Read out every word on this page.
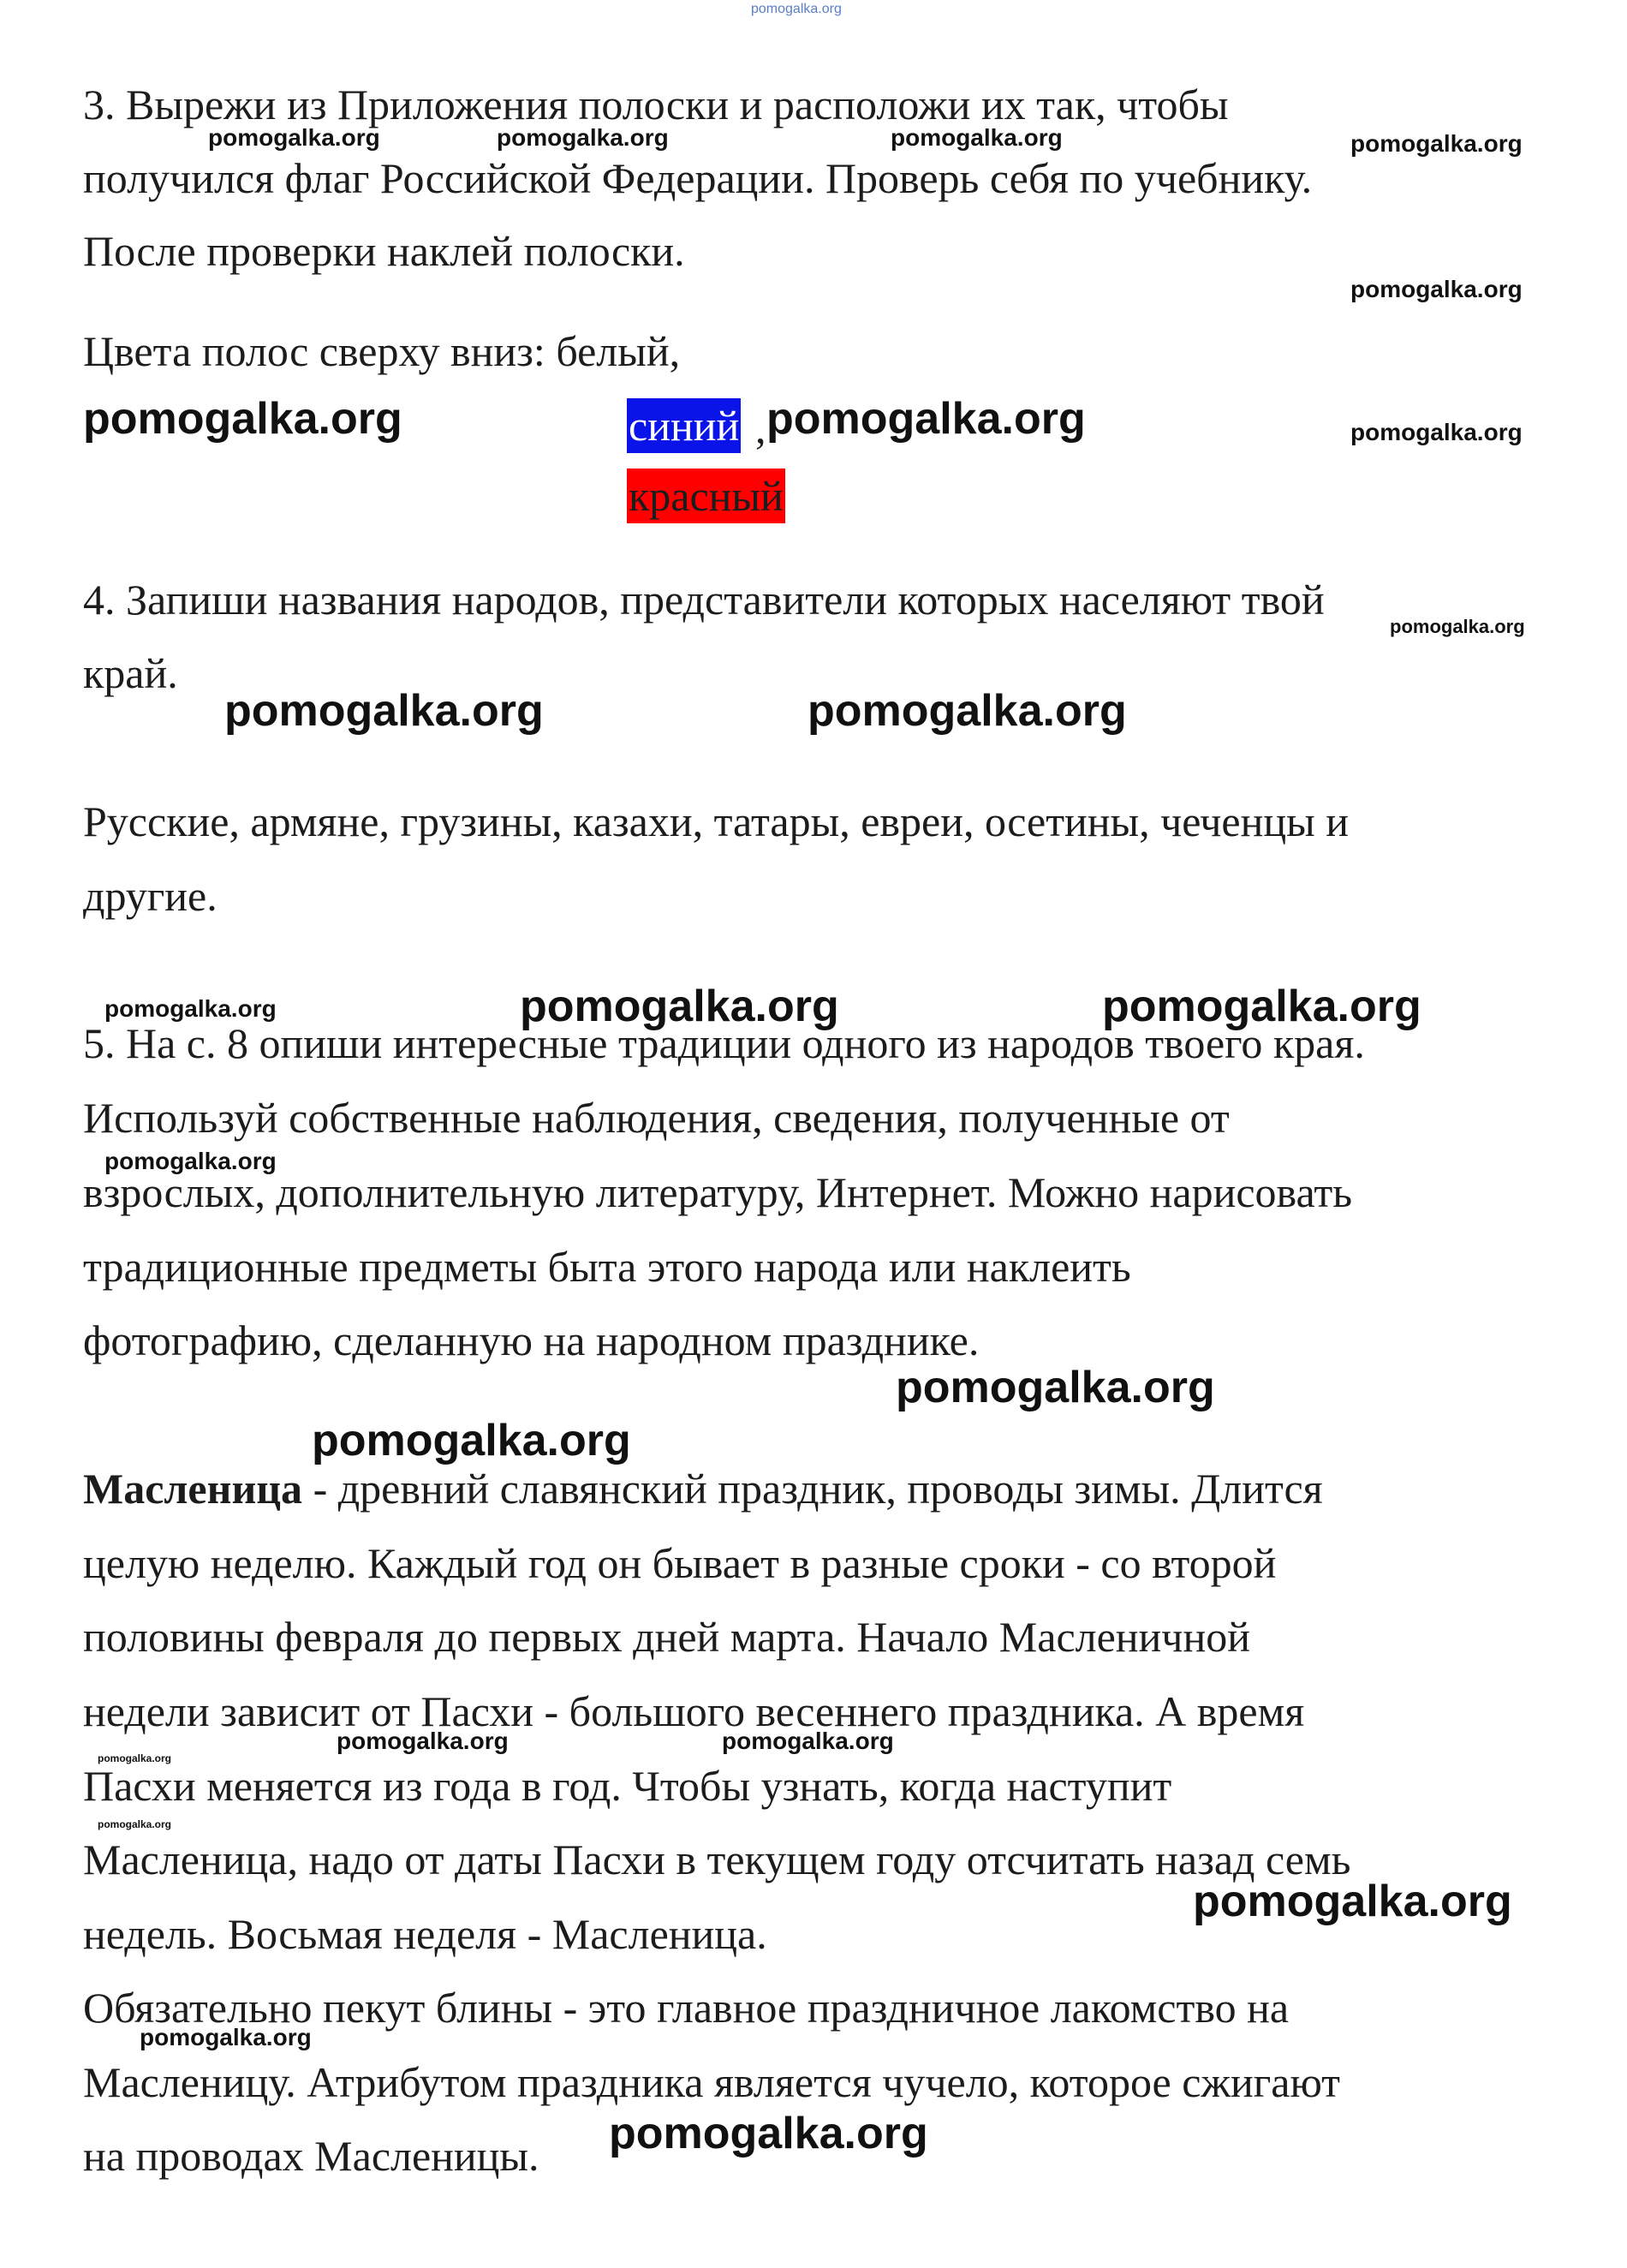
pomogalka.org

3. Вырежи из Приложения полоски и расположи их так, чтобы

получился флаг Российской Федерации. Проверь себя по учебнику.

После проверки наклей полоски.

Цвета полос сверху вниз: белый,

синий ,
красный

4. Запиши названия народов, представители которых населяют твой

край.

Русские, армяне, грузины, казахи, татары, евреи, осетины, чеченцы и

другие.

5. На с. 8 опиши интересные традиции одного из народов твоего края.

Используй собственные наблюдения, сведения, полученные от

взрослых, дополнительную литературу, Интернет. Можно нарисовать

традиционные предметы быта этого народа или наклеить

фотографию, сделанную на народном празднике.

Масленица - древний славянский праздник, проводы зимы. Длится

целую неделю. Каждый год он бывает в разные сроки - со второй

половины февраля до первых дней марта. Начало Масленичной

недели зависит от Пасхи - большого весеннего праздника. А время

Пасхи меняется из года в год. Чтобы узнать, когда наступит

Масленица, надо от даты Пасхи в текущем году отсчитать назад семь

недель. Восьмая неделя - Масленица.

Обязательно пекут блины - это главное праздничное лакомство на

Масленицу. Атрибутом праздника является чучело, которое сжигают

на проводах Масленицы.

pomogalka.org	pomogalka.org	pomogalka.org	pomogalka.org
pomogalka.org
pomogalka.org	pomogalka.org	pomogalka.org
pomogalka.org
pomogalka.org	pomogalka.org
pomogalka.org	pomogalka.org	pomogalka.org
pomogalka.org
pomogalka.org
pomogalka.org
pomogalka.org	pomogalka.org
pomogalka.org
pomogalka.org
pomogalka.org
pomogalka.org
pomogalka.org
